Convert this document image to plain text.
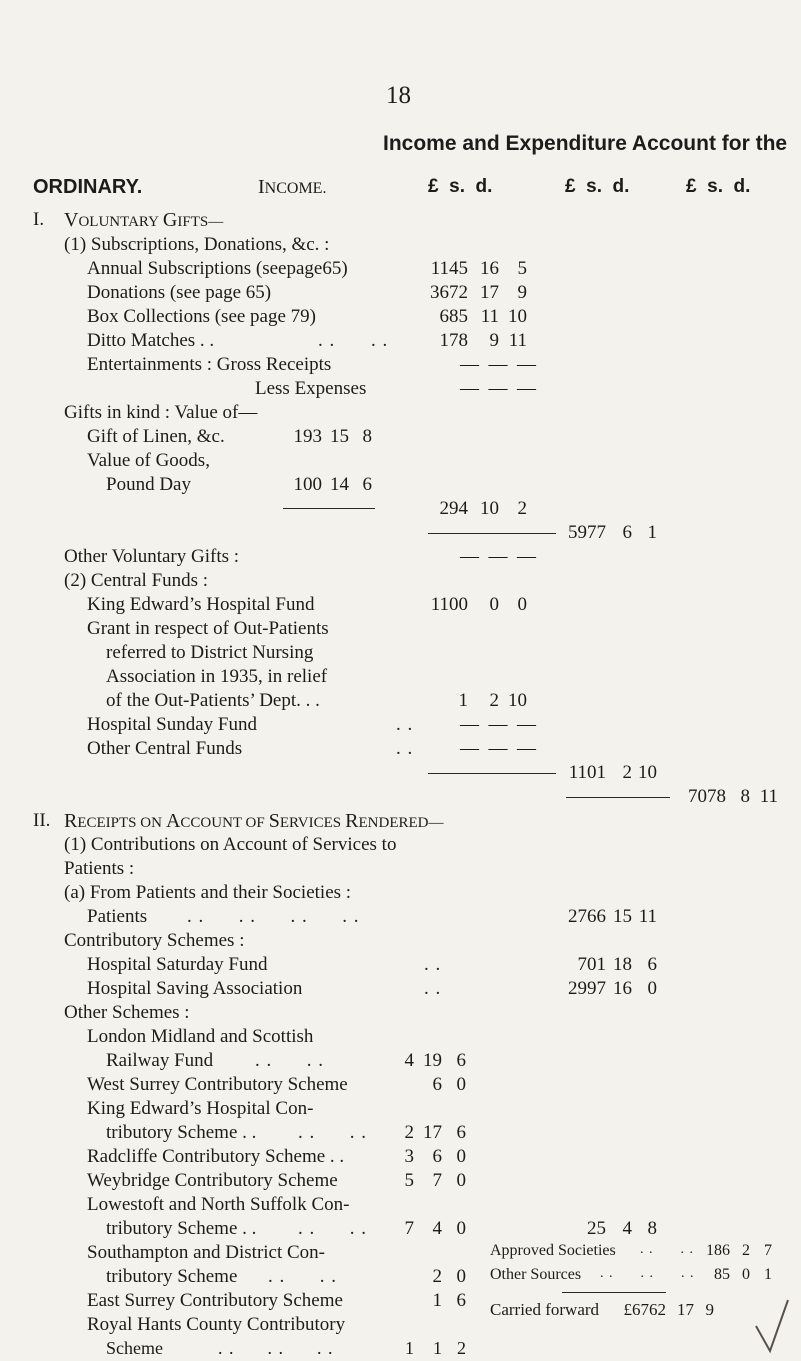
18
Income and Expenditure Account for the
ORDINARY.	INCOME.	£  s.  d.	£  s.  d.	£  s.  d.
I. VOLUNTARY GIFTS—
(1) Subscriptions, Donations, &c. :
Annual Subscriptions (seepage65)	1145 16 5
Donations (see page 65)	3672 17 9
Box Collections (see page 79)	685 11 10
Ditto Matches . .	. . . .	178	9 11
Entertainments : Gross Receipts	—  —  —
Less Expenses	—  —  —
Gifts in kind : Value of—
Gift of Linen, &c.	193 15 8
Value of Goods,
Pound Day	100 14 6
294 10 2
5977 6 1
Other Voluntary Gifts :	—  —  —
(2) Central Funds :
King Edward’s Hospital Fund	1100	0 0
Grant in respect of Out-Patients
referred to District Nursing
Association in 1935, in relief
of the Out-Patients’ Dept. . .	1	2 10
Hospital Sunday Fund	. . —  —  —
Other Central Funds	. . —  —  —
1101 2 10
7078 8 11
II. RECEIPTS ON ACCOUNT OF SERVICES RENDERED—
(1) Contributions on Account of Services to
Patients :
(a) From Patients and their Societies :
Patients . .      . .      . .      . .	2766 15 11
Contributory Schemes :
Hospital Saturday Fund	. .	701 18 6
Hospital Saving Association	. .	2997 16 0
Other Schemes :
London Midland and Scottish
Railway Fund . .      . .	4 19 6
West Surrey Contributory Scheme	6 0
King Edward’s Hospital Con-
tributory Scheme . . . .      . .	2 17 6
Radcliffe Contributory Scheme . .	3 6 0
Weybridge Contributory Scheme	5 7 0
Lowestoft and North Suffolk Con-
tributory Scheme . . . .      . .	7 4 0
Southampton and District Con-
tributory Scheme . .      . .	2 0
East Surrey Contributory Scheme	1 6
Royal Hants County Contributory
Scheme	. .      . .      . .	1	1 2
25 4 8
Approved Societies . .      . . 186 2 7
Other Sources . .      . .      . .	85 0 1
Carried forward	£6762 17 9
